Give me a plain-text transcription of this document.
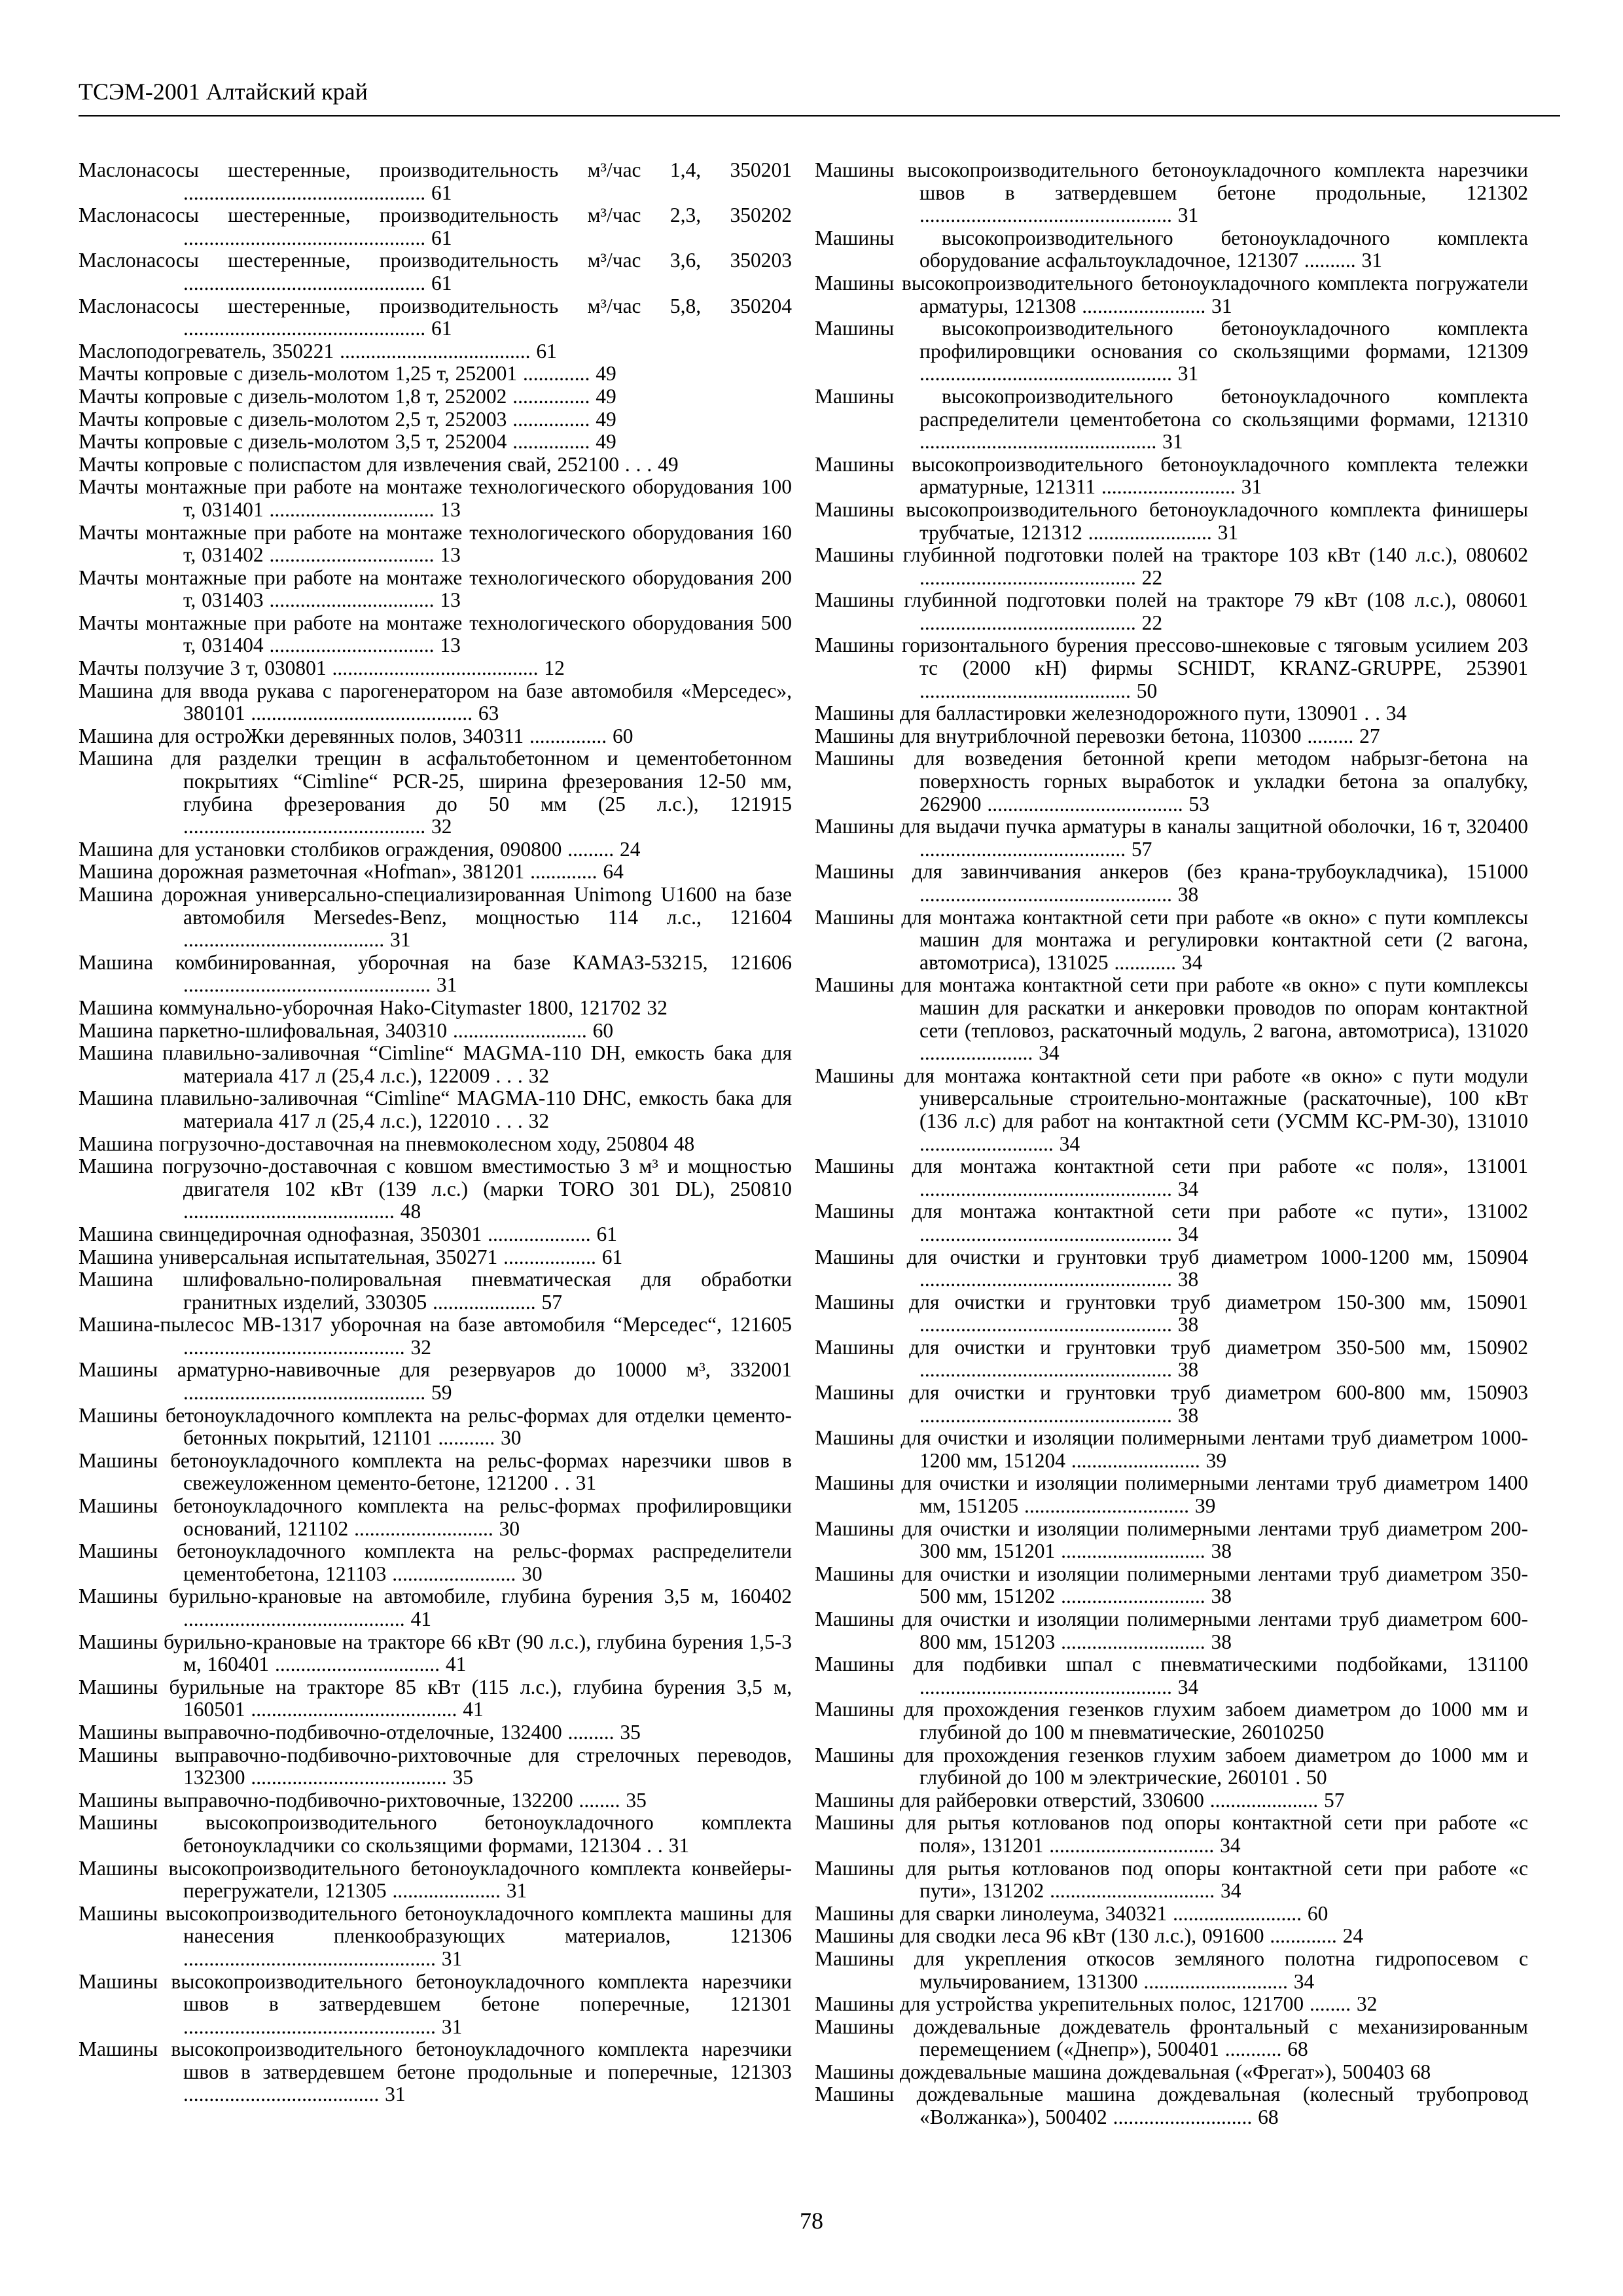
ТСЭМ-2001 Алтайский край
Маслонасосы шестеренные, производительность м³/час 1,4, 350201 ............................................... 61
Маслонасосы шестеренные, производительность м³/час 2,3, 350202 ............................................... 61
Маслонасосы шестеренные, производительность м³/час 3,6, 350203 ............................................... 61
Маслонасосы шестеренные, производительность м³/час 5,8, 350204 ............................................... 61
Маслоподогреватель, 350221 ..................................... 61
Мачты копровые с дизель-молотом 1,25 т, 252001 ............. 49
Мачты копровые с дизель-молотом 1,8 т, 252002 ............... 49
Мачты копровые с дизель-молотом 2,5 т, 252003 ............... 49
Мачты копровые с дизель-молотом 3,5 т, 252004 ............... 49
Мачты копровые с полиспастом для извлечения свай, 252100 . . . 49
Мачты монтажные при работе на монтаже технологического оборудования 100 т, 031401 ................................ 13
Мачты монтажные при работе на монтаже технологического оборудования 160 т, 031402 ................................ 13
Мачты монтажные при работе на монтаже технологического оборудования 200 т, 031403 ................................ 13
Мачты монтажные при работе на монтаже технологического оборудования 500 т, 031404 ................................ 13
Мачты ползучие 3 т, 030801 ........................................ 12
Машина для ввода рукава с парогенератором на базе автомобиля «Мерседес», 380101 ........................................... 63
Машина для остроЖки деревянных полов, 340311 ............... 60
Машина для разделки трещин в асфальтобетонном и цементобетонном покрытиях “Cimline“ PCR-25, ширина фрезерования 12-50 мм, глубина фрезерования до 50 мм (25 л.с.), 121915 ............................................... 32
Машина для установки столбиков ограждения, 090800 ......... 24
Машина дорожная разметочная «Hofman», 381201 ............. 64
Машина дорожная универсально-специализированная Unimong U1600 на базе автомобиля Mersedes-Benz, мощностью 114 л.с., 121604 ....................................... 31
Машина комбинированная, уборочная на базе КАМАЗ-53215, 121606 ................................................ 31
Машина коммунально-уборочная Hako-Citymaster 1800, 121702 32
Машина паркетно-шлифовальная, 340310 .......................... 60
Машина плавильно-заливочная “Cimline“ MAGMA-110 DH, емкость бака для материала 417 л (25,4 л.с.), 122009 . . . 32
Машина плавильно-заливочная “Cimline“ MAGMA-110 DHC, емкость бака для материала 417 л (25,4 л.с.), 122010 . . . 32
Машина погрузочно-доставочная на пневмоколесном ходу, 250804 48
Машина погрузочно-доставочная с ковшом вместимостью 3 м³ и мощностью двигателя 102 кВт (139 л.с.) (марки TORO 301 DL), 250810 ......................................... 48
Машина свинцедирочная однофазная, 350301 .................... 61
Машина универсальная испытательная, 350271 .................. 61
Машина шлифовально-полировальная пневматическая для обработки гранитных изделий, 330305 .................... 57
Машина-пылесос МВ-1317 уборочная на базе автомобиля “Мерседес“, 121605 ........................................... 32
Машины арматурно-навивочные для резервуаров до 10000 м³, 332001 ............................................... 59
Машины бетоноукладочного комплекта на рельс-формах для отделки цементо-бетонных покрытий, 121101 ........... 30
Машины бетоноукладочного комплекта на рельс-формах нарезчики швов в свежеуложенном цементо-бетоне, 121200 . . 31
Машины бетоноукладочного комплекта на рельс-формах профилировщики оснований, 121102 ........................... 30
Машины бетоноукладочного комплекта на рельс-формах распределители цементобетона, 121103 ........................ 30
Машины бурильно-крановые на автомобиле, глубина бурения 3,5 м, 160402 ........................................... 41
Машины бурильно-крановые на тракторе 66 кВт (90 л.с.), глубина бурения 1,5-3 м, 160401 ................................ 41
Машины бурильные на тракторе 85 кВт (115 л.с.), глубина бурения 3,5 м, 160501 ........................................ 41
Машины выправочно-подбивочно-отделочные, 132400 ......... 35
Машины выправочно-подбивочно-рихтовочные для стрелочных переводов, 132300 ...................................... 35
Машины выправочно-подбивочно-рихтовочные, 132200 ........ 35
Машины высокопроизводительного бетоноукладочного комплекта бетоноукладчики со скользящими формами, 121304 . . 31
Машины высокопроизводительного бетоноукладочного комплекта конвейеры-перегружатели, 121305 ..................... 31
Машины высокопроизводительного бетоноукладочного комплекта машины для нанесения пленкообразующих материалов, 121306 ................................................. 31
Машины высокопроизводительного бетоноукладочного комплекта нарезчики швов в затвердевшем бетоне поперечные, 121301 ................................................. 31
Машины высокопроизводительного бетоноукладочного комплекта нарезчики швов в затвердевшем бетоне продольные и поперечные, 121303 ...................................... 31
Машины высокопроизводительного бетоноукладочного комплекта нарезчики швов в затвердевшем бетоне продольные, 121302 ................................................. 31
Машины высокопроизводительного бетоноукладочного комплекта оборудование асфальтоукладочное, 121307 .......... 31
Машины высокопроизводительного бетоноукладочного комплекта погружатели арматуры, 121308 ........................ 31
Машины высокопроизводительного бетоноукладочного комплекта профилировщики основания со скользящими формами, 121309 ................................................. 31
Машины высокопроизводительного бетоноукладочного комплекта распределители цементобетона со скользящими формами, 121310 .............................................. 31
Машины высокопроизводительного бетоноукладочного комплекта тележки арматурные, 121311 .......................... 31
Машины высокопроизводительного бетоноукладочного комплекта финишеры трубчатые, 121312 ........................ 31
Машины глубинной подготовки полей на тракторе 103 кВт (140 л.с.), 080602 .......................................... 22
Машины глубинной подготовки полей на тракторе 79 кВт (108 л.с.), 080601 .......................................... 22
Машины горизонтального бурения прессово-шнековые с тяговым усилием 203 тс (2000 кН) фирмы SCHIDT, KRANZ-GRUPPE, 253901 ......................................... 50
Машины для балластировки железнодорожного пути, 130901 . . 34
Машины для внутриблочной перевозки бетона, 110300 ......... 27
Машины для возведения бетонной крепи методом набрызг-бетона на поверхность горных выработок и укладки бетона за опалубку, 262900 ...................................... 53
Машины для выдачи пучка арматуры в каналы защитной оболочки, 16 т, 320400 ........................................ 57
Машины для завинчивания анкеров (без крана-трубоукладчика), 151000 ................................................. 38
Машины для монтажа контактной сети при работе «в окно» с пути комплексы машин для монтажа и регулировки контактной сети (2 вагона, автомотриса), 131025 ............ 34
Машины для монтажа контактной сети при работе «в окно» с пути комплексы машин для раскатки и анкеровки проводов по опорам контактной сети (тепловоз, раскаточный модуль, 2 вагона, автомотриса), 131020 ...................... 34
Машины для монтажа контактной сети при работе «в окно» с пути модули универсальные строительно-монтажные (раскаточные), 100 кВт (136 л.с) для работ на контактной сети (УСММ КС-РМ-30), 131010 .......................... 34
Машины для монтажа контактной сети при работе «с поля», 131001 ................................................. 34
Машины для монтажа контактной сети при работе «с пути», 131002 ................................................. 34
Машины для очистки и грунтовки труб диаметром 1000-1200 мм, 150904 ................................................. 38
Машины для очистки и грунтовки труб диаметром 150-300 мм, 150901 ................................................. 38
Машины для очистки и грунтовки труб диаметром 350-500 мм, 150902 ................................................. 38
Машины для очистки и грунтовки труб диаметром 600-800 мм, 150903 ................................................. 38
Машины для очистки и изоляции полимерными лентами труб диаметром 1000-1200 мм, 151204 ......................... 39
Машины для очистки и изоляции полимерными лентами труб диаметром 1400 мм, 151205 ................................ 39
Машины для очистки и изоляции полимерными лентами труб диаметром 200-300 мм, 151201 ............................ 38
Машины для очистки и изоляции полимерными лентами труб диаметром 350-500 мм, 151202 ............................ 38
Машины для очистки и изоляции полимерными лентами труб диаметром 600-800 мм, 151203 ............................ 38
Машины для подбивки шпал с пневматическими подбойками, 131100 ................................................. 34
Машины для прохождения гезенков глухим забоем диаметром до 1000 мм и глубиной до 100 м пневматические, 26010250
Машины для прохождения гезенков глухим забоем диаметром до 1000 мм и глубиной до 100 м электрические, 260101 . 50
Машины для райберовки отверстий, 330600 ..................... 57
Машины для рытья котлованов под опоры контактной сети при работе «с поля», 131201 ................................ 34
Машины для рытья котлованов под опоры контактной сети при работе «с пути», 131202 ................................ 34
Машины для сварки линолеума, 340321 ......................... 60
Машины для сводки леса 96 кВт (130 л.с.), 091600 ............. 24
Машины для укрепления откосов земляного полотна гидропосевом с мульчированием, 131300 ............................ 34
Машины для устройства укрепительных полос, 121700 ........ 32
Машины дождевальные дождеватель фронтальный с механизированным перемещением («Днепр»), 500401 ........... 68
Машины дождевальные машина дождевальная («Фрегат»), 500403 68
Машины дождевальные машина дождевальная (колесный трубопровод «Волжанка»), 500402 ........................... 68
78
